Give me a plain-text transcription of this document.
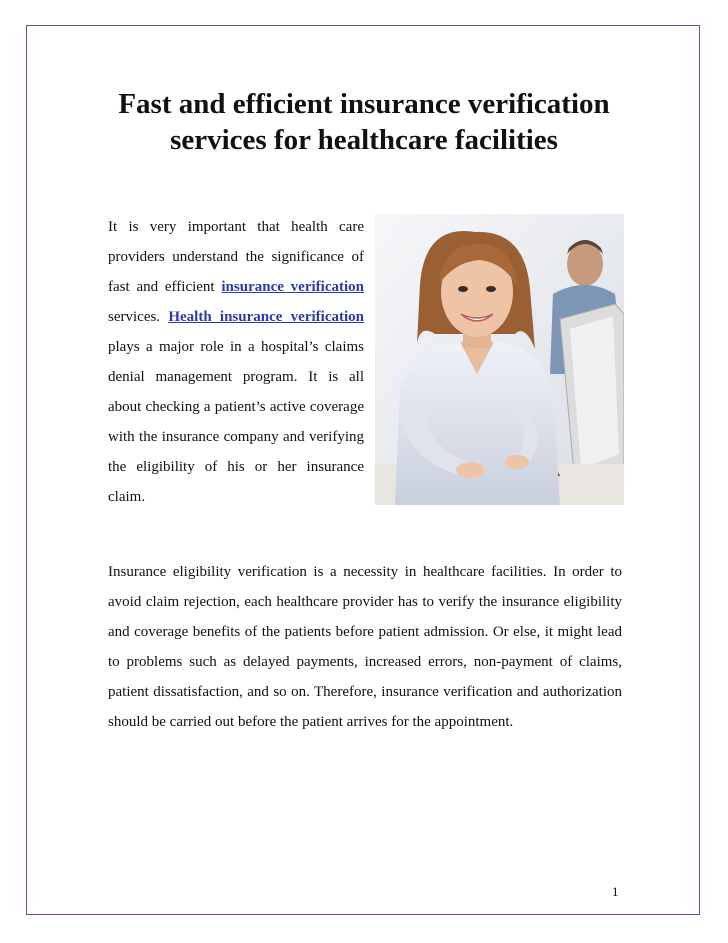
Fast and efficient insurance verification services for healthcare facilities

It is very important that health care providers understand the significance of fast and efficient insurance verification services. Health insurance verification plays a major role in a hospital’s claims denial management program. It is all about checking a patient’s active coverage with the insurance company and verifying the eligibility of his or her insurance claim.

Insurance eligibility verification is a necessity in healthcare facilities. In order to avoid claim rejection, each healthcare provider has to verify the insurance eligibility and coverage benefits of the patients before patient admission. Or else, it might lead to problems such as delayed payments, increased errors, non-payment of claims, patient dissatisfaction, and so on. Therefore, insurance verification and authorization should be carried out before the patient arrives for the appointment.

1
